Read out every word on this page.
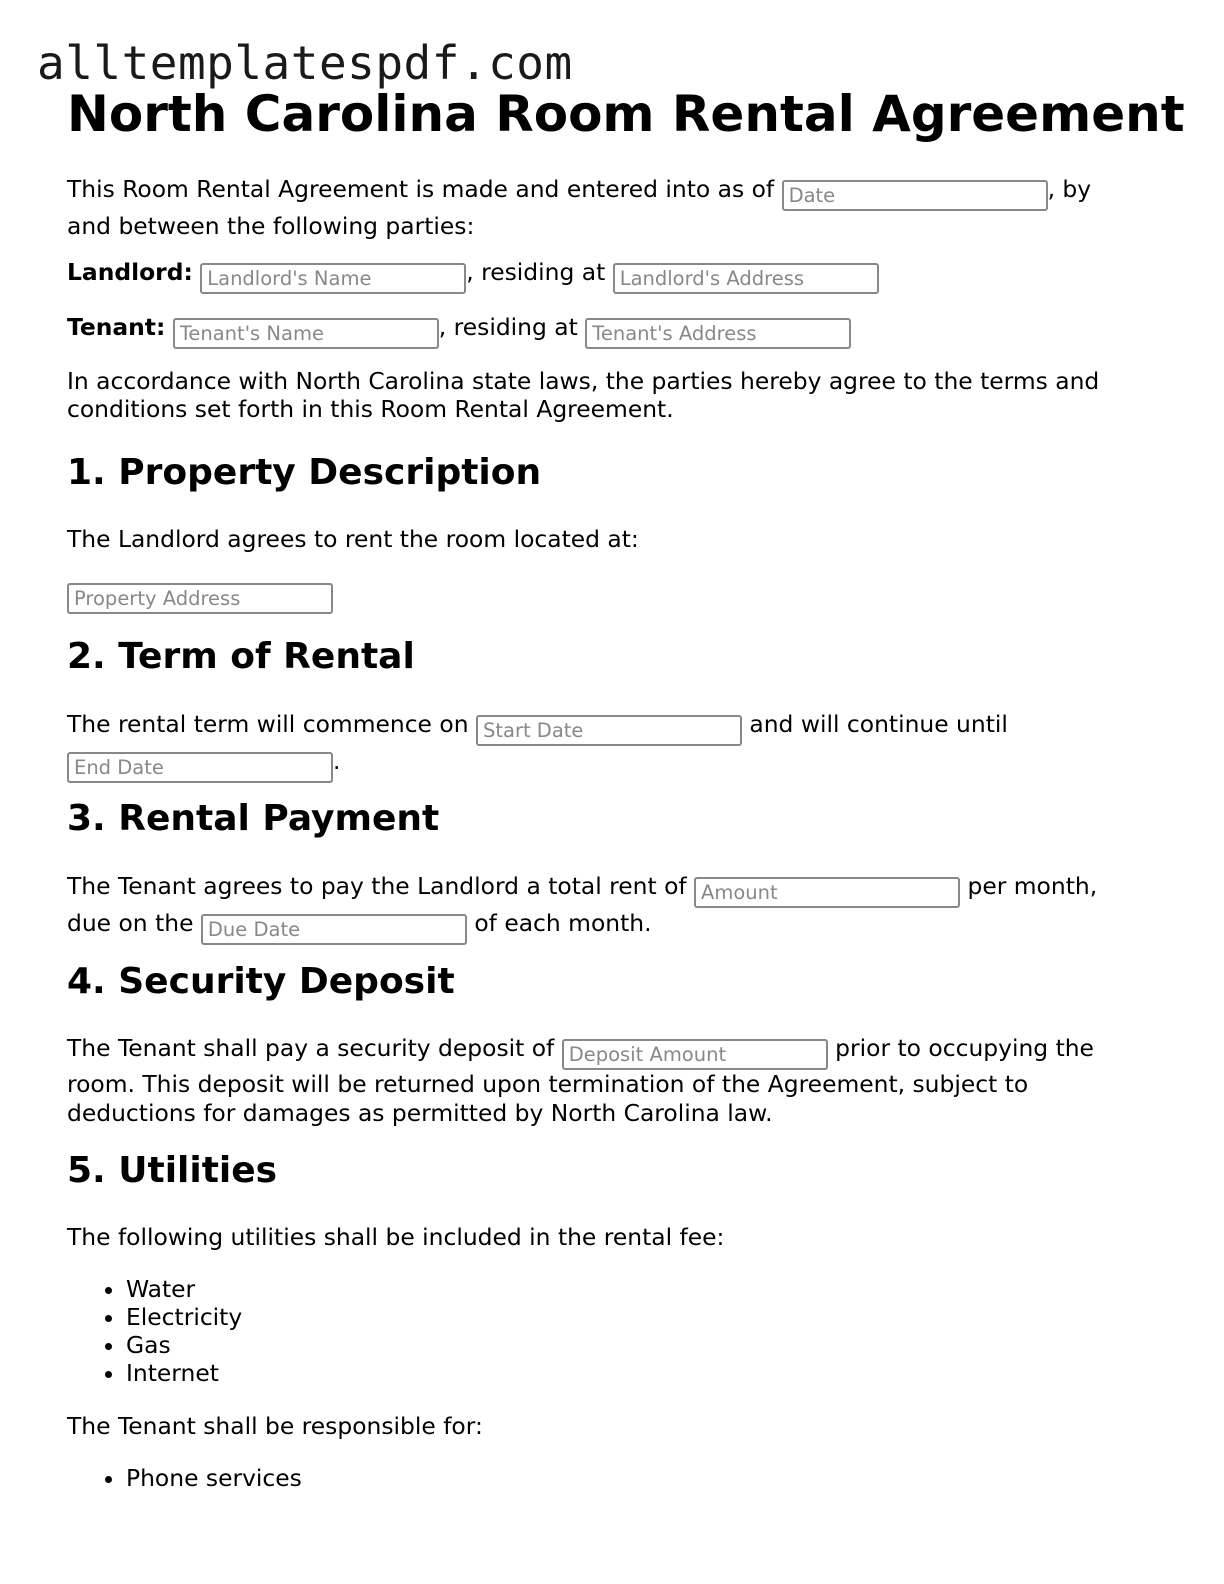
alltemplatespdf.com
North Carolina Room Rental Agreement

This Room Rental Agreement is made and entered into as of Date	, by
and between the following parties:

Landlord: Landlord's Name	, residing at Landlord's Address
Tenant: Tenant's Name	, residing at Tenant's Address

In accordance with North Carolina state laws, the parties hereby agree to the terms and
conditions set forth in this Room Rental Agreement.

1. Property Description
The Landlord agrees to rent the room located at:
Property Address
2. Term of Rental

The rental term will commence on Start Date	and will continue until
End Date.

3. Rental Payment

The Tenant agrees to pay the Landlord a total rent of Amount	per month,
due on the Due Date	of each month.

4. Security Deposit

The Tenant shall pay a security deposit of Deposit Amount	prior to occupying the
room. This deposit will be returned upon termination of the Agreement, subject to
deductions for damages as permitted by North Carolina law.

5. Utilities
The following utilities shall be included in the rental fee:
• Water
• Electricity
• Gas
• Internet
The Tenant shall be responsible for:
• Phone services
